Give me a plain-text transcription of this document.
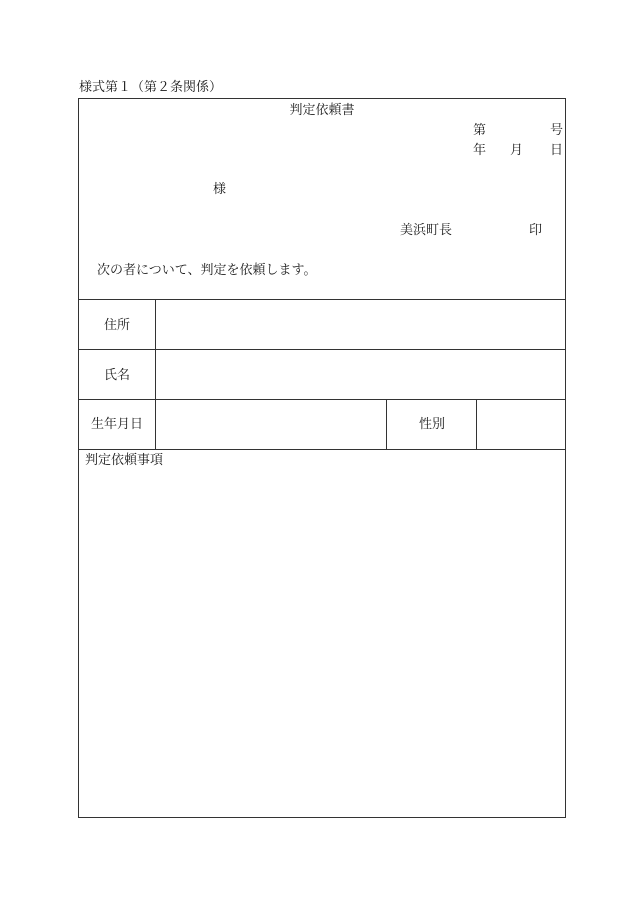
様式第１（第２条関係）
判定依頼書
第	号
年 月 日
様
美浜町長	印
次の者について、判定を依頼します。
住所
氏名
生年月日	性別
判定依頼事項
